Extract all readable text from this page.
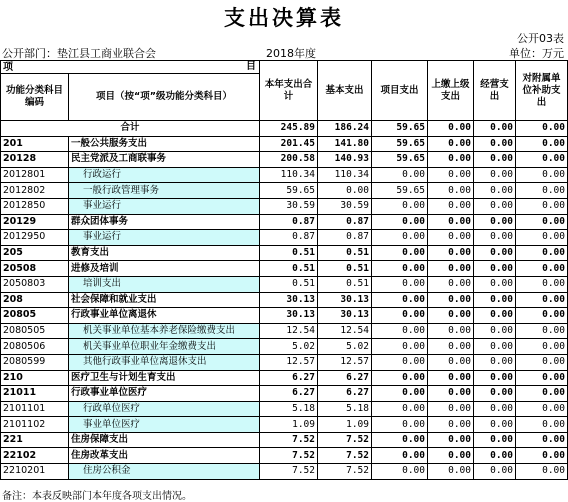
支出决算表
公开03表
公开部门：垫江县工商业联合会	2018年度	单位：万元
项 目		本年支出合计	基本支出	项目支出	上缴上级支出	经营支出	对附属单位补助支出
功能分类科目编码	项目（按“项”级功能分类科目）						
合计		245.89	186.24	59.65	0.00	0.00	0.00
201	一般公共服务支出	201.45	141.80	59.65	0.00	0.00	0.00
20128	民主党派及工商联事务	200.58	140.93	59.65	0.00	0.00	0.00
2012801	行政运行	110.34	110.34	0.00	0.00	0.00	0.00
2012802	一般行政管理事务	59.65	0.00	59.65	0.00	0.00	0.00
2012850	事业运行	30.59	30.59	0.00	0.00	0.00	0.00
20129	群众团体事务	0.87	0.87	0.00	0.00	0.00	0.00
2012950	事业运行	0.87	0.87	0.00	0.00	0.00	0.00
205	教育支出	0.51	0.51	0.00	0.00	0.00	0.00
20508	进修及培训	0.51	0.51	0.00	0.00	0.00	0.00
2050803	培训支出	0.51	0.51	0.00	0.00	0.00	0.00
208	社会保障和就业支出	30.13	30.13	0.00	0.00	0.00	0.00
20805	行政事业单位离退休	30.13	30.13	0.00	0.00	0.00	0.00
2080505	机关事业单位基本养老保险缴费支出	12.54	12.54	0.00	0.00	0.00	0.00
2080506	机关事业单位职业年金缴费支出	5.02	5.02	0.00	0.00	0.00	0.00
2080599	其他行政事业单位离退休支出	12.57	12.57	0.00	0.00	0.00	0.00
210	医疗卫生与计划生育支出	6.27	6.27	0.00	0.00	0.00	0.00
21011	行政事业单位医疗	6.27	6.27	0.00	0.00	0.00	0.00
2101101	行政单位医疗	5.18	5.18	0.00	0.00	0.00	0.00
2101102	事业单位医疗	1.09	1.09	0.00	0.00	0.00	0.00
221	住房保障支出	7.52	7.52	0.00	0.00	0.00	0.00
22102	住房改革支出	7.52	7.52	0.00	0.00	0.00	0.00
2210201	住房公积金	7.52	7.52	0.00	0.00	0.00	0.00
备注：本表反映部门本年度各项支出情况。
